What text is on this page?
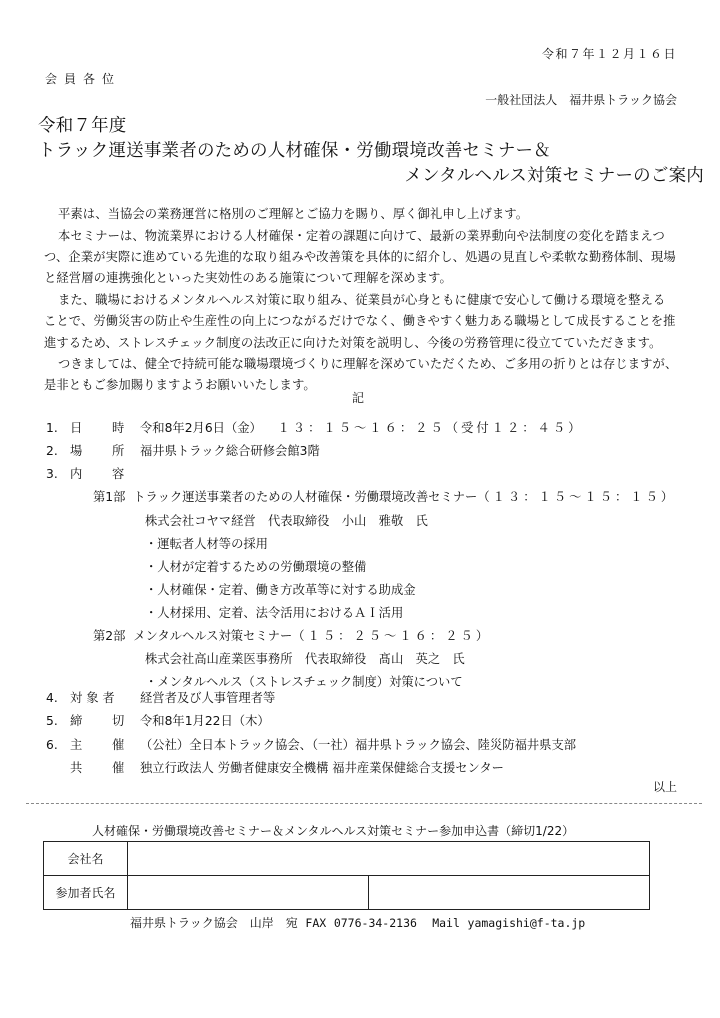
令和７年１２月１６日
会員各位
一般社団法人　福井県トラック協会
令和７年度
トラック運送事業者のための人材確保・労働環境改善セミナー＆
メンタルヘルス対策セミナーのご案内
平素は、当協会の業務運営に格別のご理解とご協力を賜り、厚く御礼申し上げます。
本セミナーは、物流業界における人材確保・定着の課題に向けて、最新の業界動向や法制度の変化を踏まえつ
つ、企業が実際に進めている先進的な取り組みや改善策を具体的に紹介し、処遇の見直しや柔軟な勤務体制、現場
と経営層の連携強化といった実効性のある施策について理解を深めます。
また、職場におけるメンタルヘルス対策に取り組み、従業員が心身ともに健康で安心して働ける環境を整える
ことで、労働災害の防止や生産性の向上につながるだけでなく、働きやすく魅力ある職場として成長することを推
進するため、ストレスチェック制度の法改正に向けた対策を説明し、今後の労務管理に役立てていただきます。
つきましては、健全で持続可能な職場環境づくりに理解を深めていただくため、ご多用の折りとは存じますが、
是非ともご参加賜りますようお願いいたします。
記
1. 日 時 令和8年2月6日（金） １３：１５～１６：２５（受付１２：４５）
2. 場 所 福井県トラック総合研修会館3階
3. 内 容
第1部 トラック運送事業者のための人材確保・労働環境改善セミナー（１３：１５～１５：１５）
株式会社コヤマ経営　代表取締役　小山　雅敬　氏
・運転者人材等の採用
・人材が定着するための労働環境の整備
・人材確保・定着、働き方改革等に対する助成金
・人材採用、定着、法令活用におけるＡＩ活用
第2部 メンタルヘルス対策セミナー（１５：２５～１６：２５）
株式会社高山産業医事務所　代表取締役　髙山　英之　氏
・メンタルヘルス（ストレスチェック制度）対策について
4. 対 象 者 経営者及び人事管理者等
5. 締 切 令和8年1月22日（木）
6. 主 催 （公社）全日本トラック協会、（一社）福井県トラック協会、陸災防福井県支部
共 催 独立行政法人 労働者健康安全機構 福井産業保健総合支援センター
以上
人材確保・労働環境改善セミナー＆メンタルヘルス対策セミナー参加申込書（締切1/22）
会社名		
参加者氏名		
福井県トラック協会　山岸　宛 FAX 0776-34-2136 Mail yamagishi@f-ta.jp
